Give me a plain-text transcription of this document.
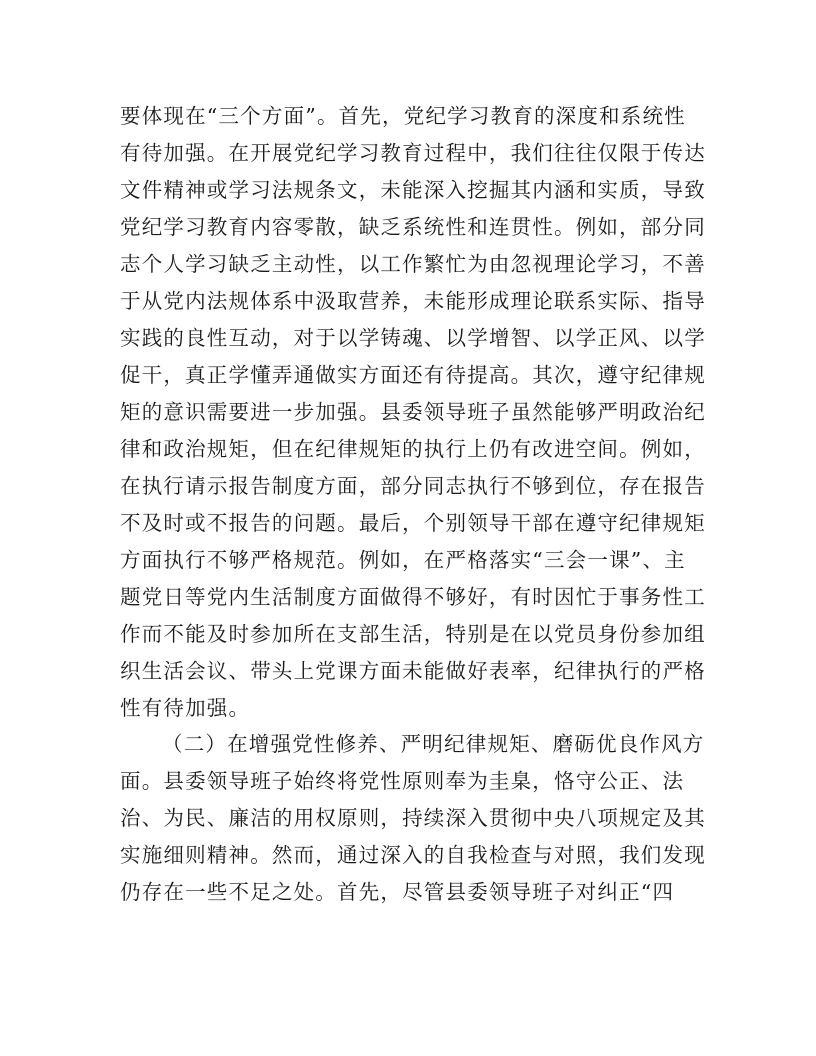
要体现在“三个方面”。首先，党纪学习教育的深度和系统性
有待加强。在开展党纪学习教育过程中，我们往往仅限于传达
文件精神或学习法规条文，未能深入挖掘其内涵和实质，导致
党纪学习教育内容零散，缺乏系统性和连贯性。例如，部分同
志个人学习缺乏主动性，以工作繁忙为由忽视理论学习，不善
于从党内法规体系中汲取营养，未能形成理论联系实际、指导
实践的良性互动，对于以学铸魂、以学增智、以学正风、以学
促干，真正学懂弄通做实方面还有待提高。其次，遵守纪律规
矩的意识需要进一步加强。县委领导班子虽然能够严明政治纪
律和政治规矩，但在纪律规矩的执行上仍有改进空间。例如，
在执行请示报告制度方面，部分同志执行不够到位，存在报告
不及时或不报告的问题。最后，个别领导干部在遵守纪律规矩
方面执行不够严格规范。例如，在严格落实“三会一课”、主
题党日等党内生活制度方面做得不够好，有时因忙于事务性工
作而不能及时参加所在支部生活，特别是在以党员身份参加组
织生活会议、带头上党课方面未能做好表率，纪律执行的严格
性有待加强。
（二）在增强党性修养、严明纪律规矩、磨砺优良作风方
面。县委领导班子始终将党性原则奉为圭臬，恪守公正、法
治、为民、廉洁的用权原则，持续深入贯彻中央八项规定及其
实施细则精神。然而，通过深入的自我检查与对照，我们发现
仍存在一些不足之处。首先，尽管县委领导班子对纠正“四
